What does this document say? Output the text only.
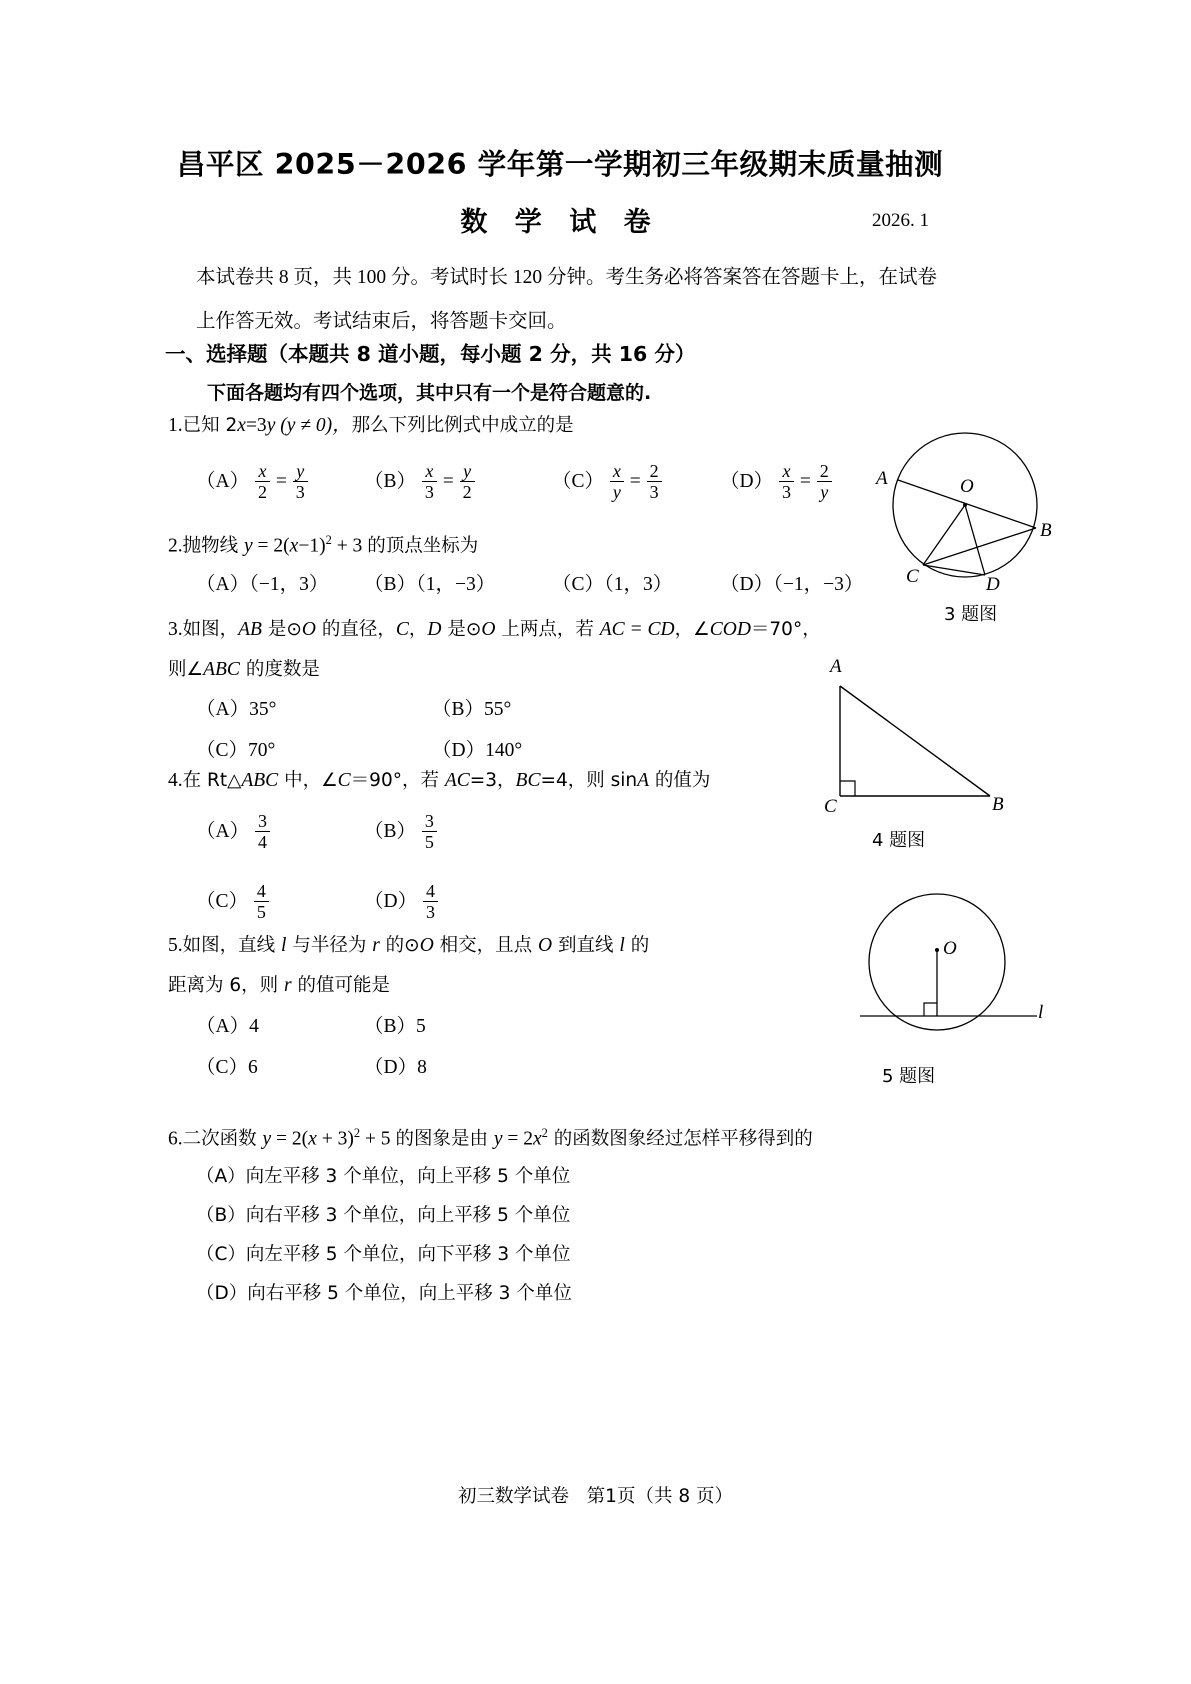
昌平区 2025－2026 学年第一学期初三年级期末质量抽测
数 学 试 卷	2026. 1
本试卷共 8 页，共 100 分。考试时长 120 分钟。考生务必将答案答在答题卡上，在试卷
上作答无效。考试结束后，将答题卡交回。
一、选择题（本题共 8 道小题，每小题 2 分，共 16 分）
下面各题均有四个选项，其中只有一个是符合题意的.
1.已知 2x=3y (y ≠ 0)，那么下列比例式中成立的是
$(A) \frac{x}{2} = \frac{y}{3}$	$(B) \frac{x}{3} = \frac{y}{2}$	$(C) \frac{x}{y} = \frac{2}{3}$	$(D) \frac{x}{3} = \frac{2}{y}$
2.抛物线 $y = 2(x-1)^2 + 3$ 的顶点坐标为
（A）（−1，3） （B）（1，−3）	（C）（1，3） （D）（−1，−3）
3.如图，AB 是⊙O 的直径，C，D 是⊙O 上两点，若 AC = CD，∠COD＝70°，
则∠ABC 的度数是
（A）35°	（B）55°
（C）70°	（D）140°
4.在 Rt△ABC 中，∠C＝90°，若 AC=3，BC=4，则 sinA 的值为
$(A) \frac{3}{4}$	$(B) \frac{3}{5}$
$(C) \frac{4}{5}$	$(D) \frac{4}{3}$
5.如图，直线 l 与半径为 r 的⊙O 相交，且点 O 到直线 l 的
距离为 6，则 r 的值可能是
（A）4	（B）5
（C）6	（D）8
6.二次函数 $y = 2(x + 3)^2 + 5$ 的图象是由 $y = 2x^2$ 的函数图象经过怎样平移得到的
（A）向左平移 3 个单位，向上平移 5 个单位
（B）向右平移 3 个单位，向上平移 5 个单位
（C）向左平移 5 个单位，向下平移 3 个单位
（D）向右平移 5 个单位，向上平移 3 个单位
A	O
B
C	D
3 题图
A
C	B
4 题图
O
l
5 题图
初三数学试卷 第1页（共 8 页）
